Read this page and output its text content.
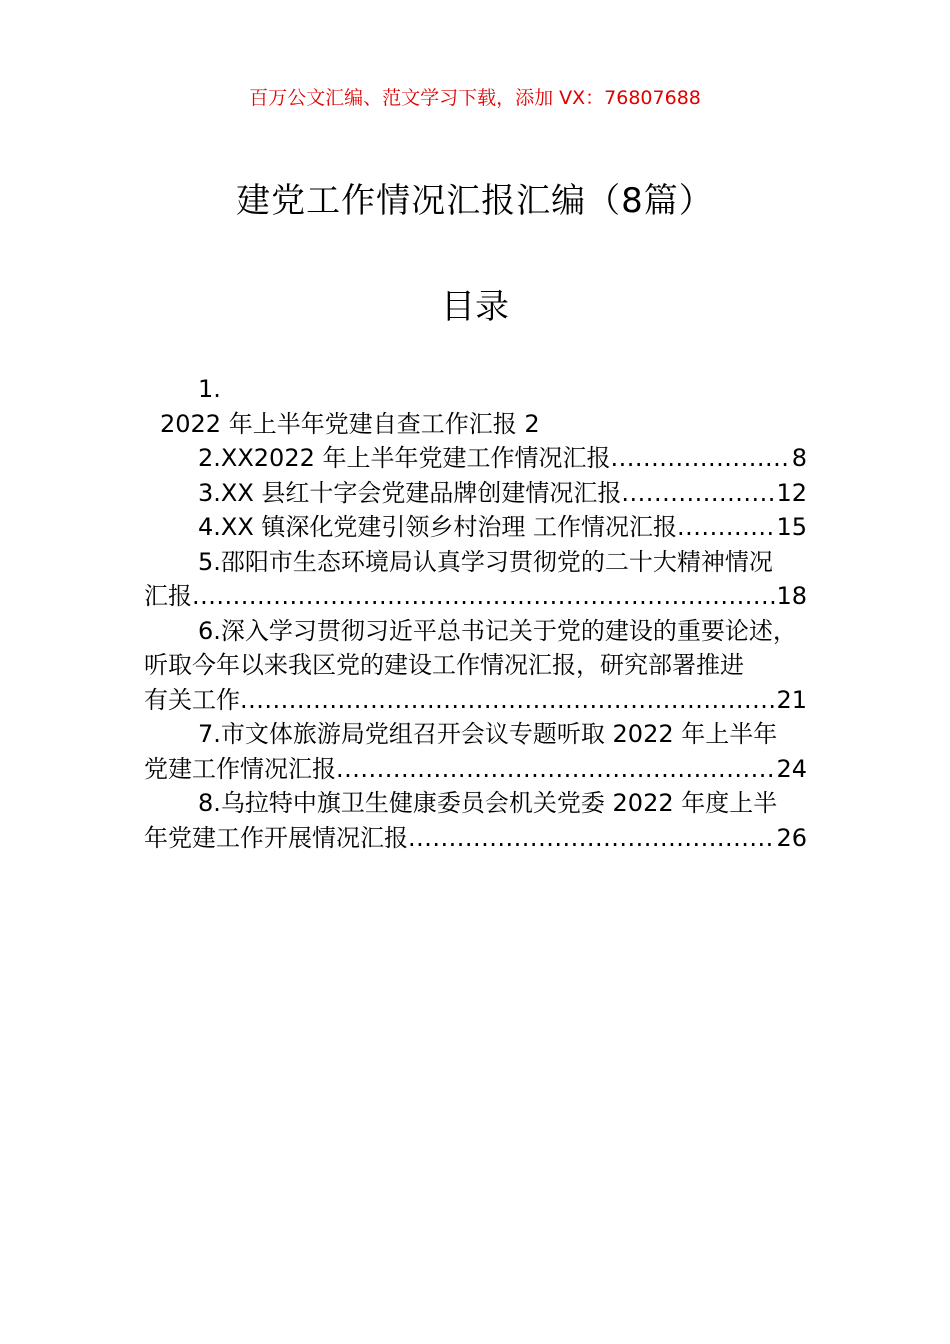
百万公文汇编、范文学习下载，添加 VX：76807688
建党工作情况汇报汇编（8篇）
目录
1.
2022 年上半年党建自查工作汇报 2
2.XX2022 年上半年党建工作情况汇报 .....	8
3.XX 县红十字会党建品牌创建情况汇报 .....	12
4.XX 镇深化党建引领乡村治理 工作情况汇报 .....	15
5.邵阳市生态环境局认真学习贯彻党的二十大精神情况
汇报 .....	18
6.深入学习贯彻习近平总书记关于党的建设的重要论述，
听取今年以来我区党的建设工作情况汇报，研究部署推进
有关工作 .....	21
7.市文体旅游局党组召开会议专题听取 2022 年上半年
党建工作情况汇报 .....	24
8.乌拉特中旗卫生健康委员会机关党委 2022 年度上半
年党建工作开展情况汇报 .....	26
